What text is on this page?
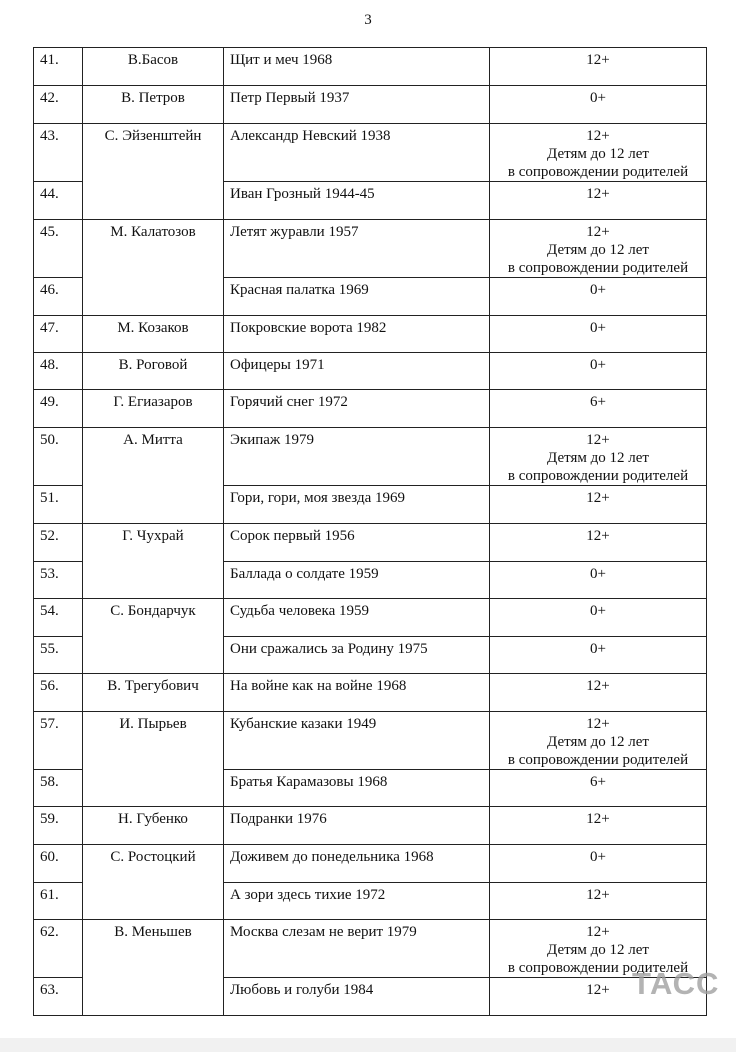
3
41.	В.Басов	Щит и меч 1968	12+
42.	В. Петров	Петр Первый 1937	0+
43.	С. Эйзенштейн	Александр Невский 1938	12+
Детям до 12 лет
в сопровождении родителей

44.		Иван Грозный 1944-45	12+
45.	М. Калатозов	Летят журавли 1957	12+
Детям до 12 лет
в сопровождении родителей

46.		Красная палатка 1969	0+
47.	М. Козаков	Покровские ворота 1982	0+
48.	В. Роговой	Офицеры 1971	0+
49.	Г. Егиазаров	Горячий снег 1972	6+
50.	А. Митта	Экипаж 1979	12+
Детям до 12 лет
в сопровождении родителей

51.		Гори, гори, моя звезда 1969	12+
52.	Г. Чухрай	Сорок первый 1956	12+
53.		Баллада о солдате 1959	0+
54.	С. Бондарчук	Судьба человека 1959	0+
55.		Они сражались за Родину 1975	0+
56.	В. Трегубович	На войне как на войне 1968	12+
57.	И. Пырьев	Кубанские казаки 1949	12+
Детям до 12 лет
в сопровождении родителей

58.		Братья Карамазовы 1968	6+
59.	Н. Губенко	Подранки 1976	12+
60.	С. Ростоцкий	Доживем до понедельника 1968	0+
61.		А зори здесь тихие 1972	12+
62.	В. Меньшев	Москва слезам не верит 1979	12+
Детям до 12 лет
в сопровождении родителей

63.		Любовь и голуби 1984	12+ ТАСС
